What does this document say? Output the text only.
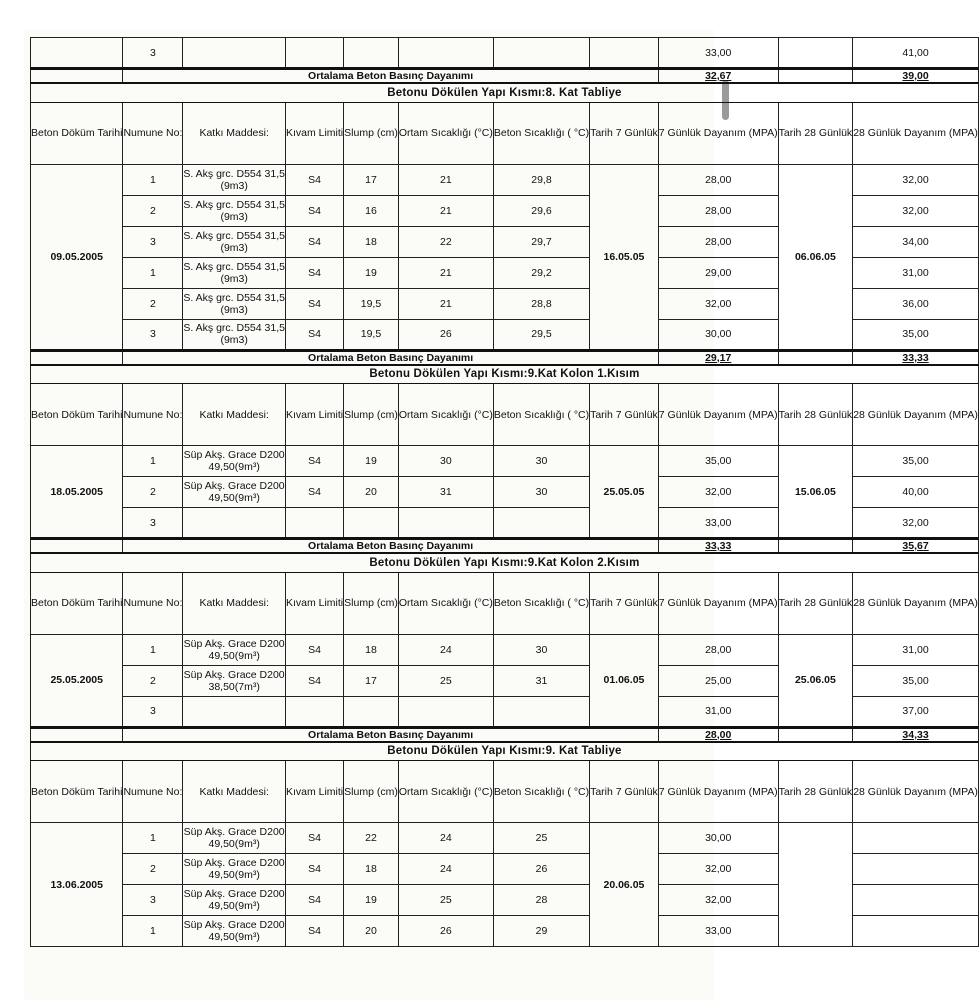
	3							33,00		41,00
	Ortalama Beton Basınç Dayanımı							32,67		39,00
Betonu Dökülen Yapı Kısmı:8. Kat Tabliye										
Beton Döküm Tarihi	Numune No:	Katkı Maddesi:	Kıvam Limiti	Slump (cm)	Ortam Sıcaklığı (°C)	Beton Sıcaklığı ( °C)	Tarih 7 Günlük	7 Günlük Dayanım (MPA)	Tarih 28 Günlük	28 Günlük Dayanım (MPA)
09.05.2005	1	S. Akş grc. D554 31,5
(9m3)	S4	17	21	29,8	16.05.05	28,00	06.06.05	32,00
	2	S. Akş grc. D554 31,5
(9m3)	S4	16	21	29,6		28,00		32,00
	3	S. Akş grc. D554 31,5
(9m3)	S4	18	22	29,7		28,00		34,00
	1	S. Akş grc. D554 31,5
(9m3)	S4	19	21	29,2		29,00		31,00
	2	S. Akş grc. D554 31,5
(9m3)	S4	19,5	21	28,8		32,00		36,00
	3	S. Akş grc. D554 31,5
(9m3)	S4	19,5	26	29,5		30,00		35,00
	Ortalama Beton Basınç Dayanımı							29,17		33,33
Betonu Dökülen Yapı Kısmı:9.Kat Kolon 1.Kısım										
Beton Döküm Tarihi	Numune No:	Katkı Maddesi:	Kıvam Limiti	Slump (cm)	Ortam Sıcaklığı (°C)	Beton Sıcaklığı ( °C)	Tarih 7 Günlük	7 Günlük Dayanım (MPA)	Tarih 28 Günlük	28 Günlük Dayanım (MPA)
18.05.2005	1	Süp Akş. Grace D200
49,50(9m³)	S4	19	30	30	25.05.05	35,00	15.06.05	35,00
	2	Süp Akş. Grace D200
49,50(9m³)	S4	20	31	30		32,00		40,00
	3							33,00		32,00
	Ortalama Beton Basınç Dayanımı							33,33		35,67
Betonu Dökülen Yapı Kısmı:9.Kat Kolon 2.Kısım										
Beton Döküm Tarihi	Numune No:	Katkı Maddesi:	Kıvam Limiti	Slump (cm)	Ortam Sıcaklığı (°C)	Beton Sıcaklığı ( °C)	Tarih 7 Günlük	7 Günlük Dayanım (MPA)	Tarih 28 Günlük	28 Günlük Dayanım (MPA)
25.05.2005	1	Süp Akş. Grace D200
49,50(9m³)	S4	18	24	30	01.06.05	28,00	25.06.05	31,00
	2	Süp Akş. Grace D200
38,50(7m³)	S4	17	25	31		25,00		35,00
	3							31,00		37,00
	Ortalama Beton Basınç Dayanımı							28,00		34,33
Betonu Dökülen Yapı Kısmı:9. Kat Tabliye										
Beton Döküm Tarihi	Numune No:	Katkı Maddesi:	Kıvam Limiti	Slump (cm)	Ortam Sıcaklığı (°C)	Beton Sıcaklığı ( °C)	Tarih 7 Günlük	7 Günlük Dayanım (MPA)	Tarih 28 Günlük	28 Günlük Dayanım (MPA)
13.06.2005	1	Süp Akş. Grace D200
49,50(9m³)	S4	22	24	25	20.06.05	30,00		
	2	Süp Akş. Grace D200
49,50(9m³)	S4	18	24	26		32,00		
	3	Süp Akş. Grace D200
49,50(9m³)	S4	19	25	28		32,00		
	1	Süp Akş. Grace D200
49,50(9m³)	S4	20	26	29		33,00		
